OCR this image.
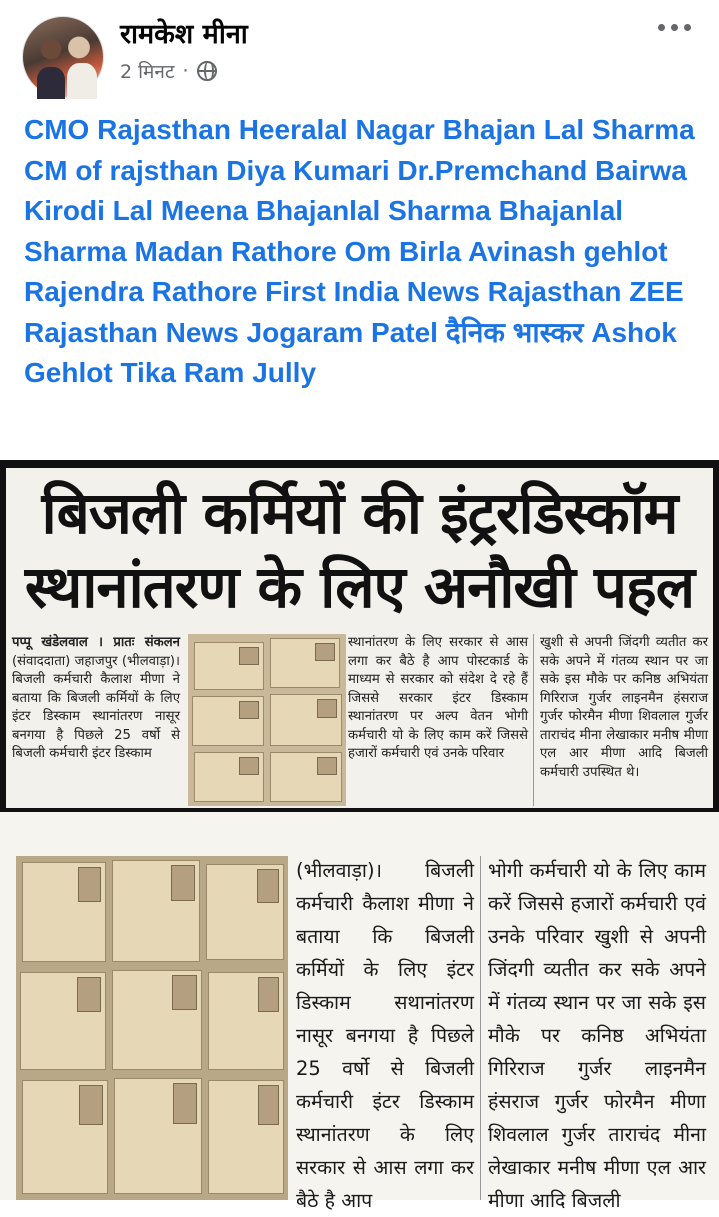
रामकेश मीना
2 मिनट ·
CMO Rajasthan Heeralal Nagar Bhajan Lal Sharma CM of rajsthan Diya Kumari Dr.Premchand Bairwa Kirodi Lal Meena Bhajanlal Sharma Bhajanlal Sharma Madan Rathore Om Birla Avinash gehlot Rajendra Rathore First India News Rajasthan ZEE Rajasthan News Jogaram Patel दैनिक भास्कर Ashok Gehlot Tika Ram Jully
बिजली कर्मियों की इंट्ररडिस्कॉम
स्थानांतरण के लिए अनौखी पहल
पप्पू खंडेलवाल । प्रातः संकलन (संवाददाता) जहाजपुर (भीलवाड़ा)। बिजली कर्मचारी कैलाश मीणा ने बताया कि बिजली कर्मियों के लिए इंटर डिस्काम स्थानांतरण नासूर बनगया है पिछले 25 वर्षो से बिजली कर्मचारी इंटर डिस्काम
स्थानांतरण के लिए सरकार से आस लगा कर बैठे है आप पोस्टकार्ड के माध्यम से सरकार को संदेश दे रहे हैं जिससे सरकार इंटर डिस्काम स्थानांतरण पर अल्प वेतन भोगी कर्मचारी यो के लिए काम करें जिससे हजारों कर्मचारी एवं उनके परिवार
खुशी से अपनी जिंदगी व्यतीत कर सके अपने में गंतव्य स्थान पर जा सके इस मौके पर कनिष्ठ अभियंता गिरिराज गुर्जर लाइनमैन हंसराज गुर्जर फोरमैन मीणा शिवलाल गुर्जर ताराचंद मीना लेखाकार मनीष मीणा एल आर मीणा आदि बिजली कर्मचारी उपस्थित थे।
(भीलवाड़ा)। बिजली कर्मचारी कैलाश मीणा ने बताया कि बिजली कर्मियों के लिए इंटर डिस्काम सथानांतरण नासूर बनगया है पिछले 25 वर्षो से बिजली कर्मचारी इंटर डिस्काम स्थानांतरण के लिए सरकार से आस लगा कर बैठे है आप
भोगी कर्मचारी यो के लिए काम करें जिससे हजारों कर्मचारी एवं उनके परिवार खुशी से अपनी जिंदगी व्यतीत कर सके अपने में गंतव्य स्थान पर जा सके इस मौके पर कनिष्ठ अभियंता गिरिराज गुर्जर लाइनमैन हंसराज गुर्जर फोरमैन मीणा शिवलाल गुर्जर ताराचंद मीना लेखाकार मनीष मीणा एल आर मीणा आदि बिजली
